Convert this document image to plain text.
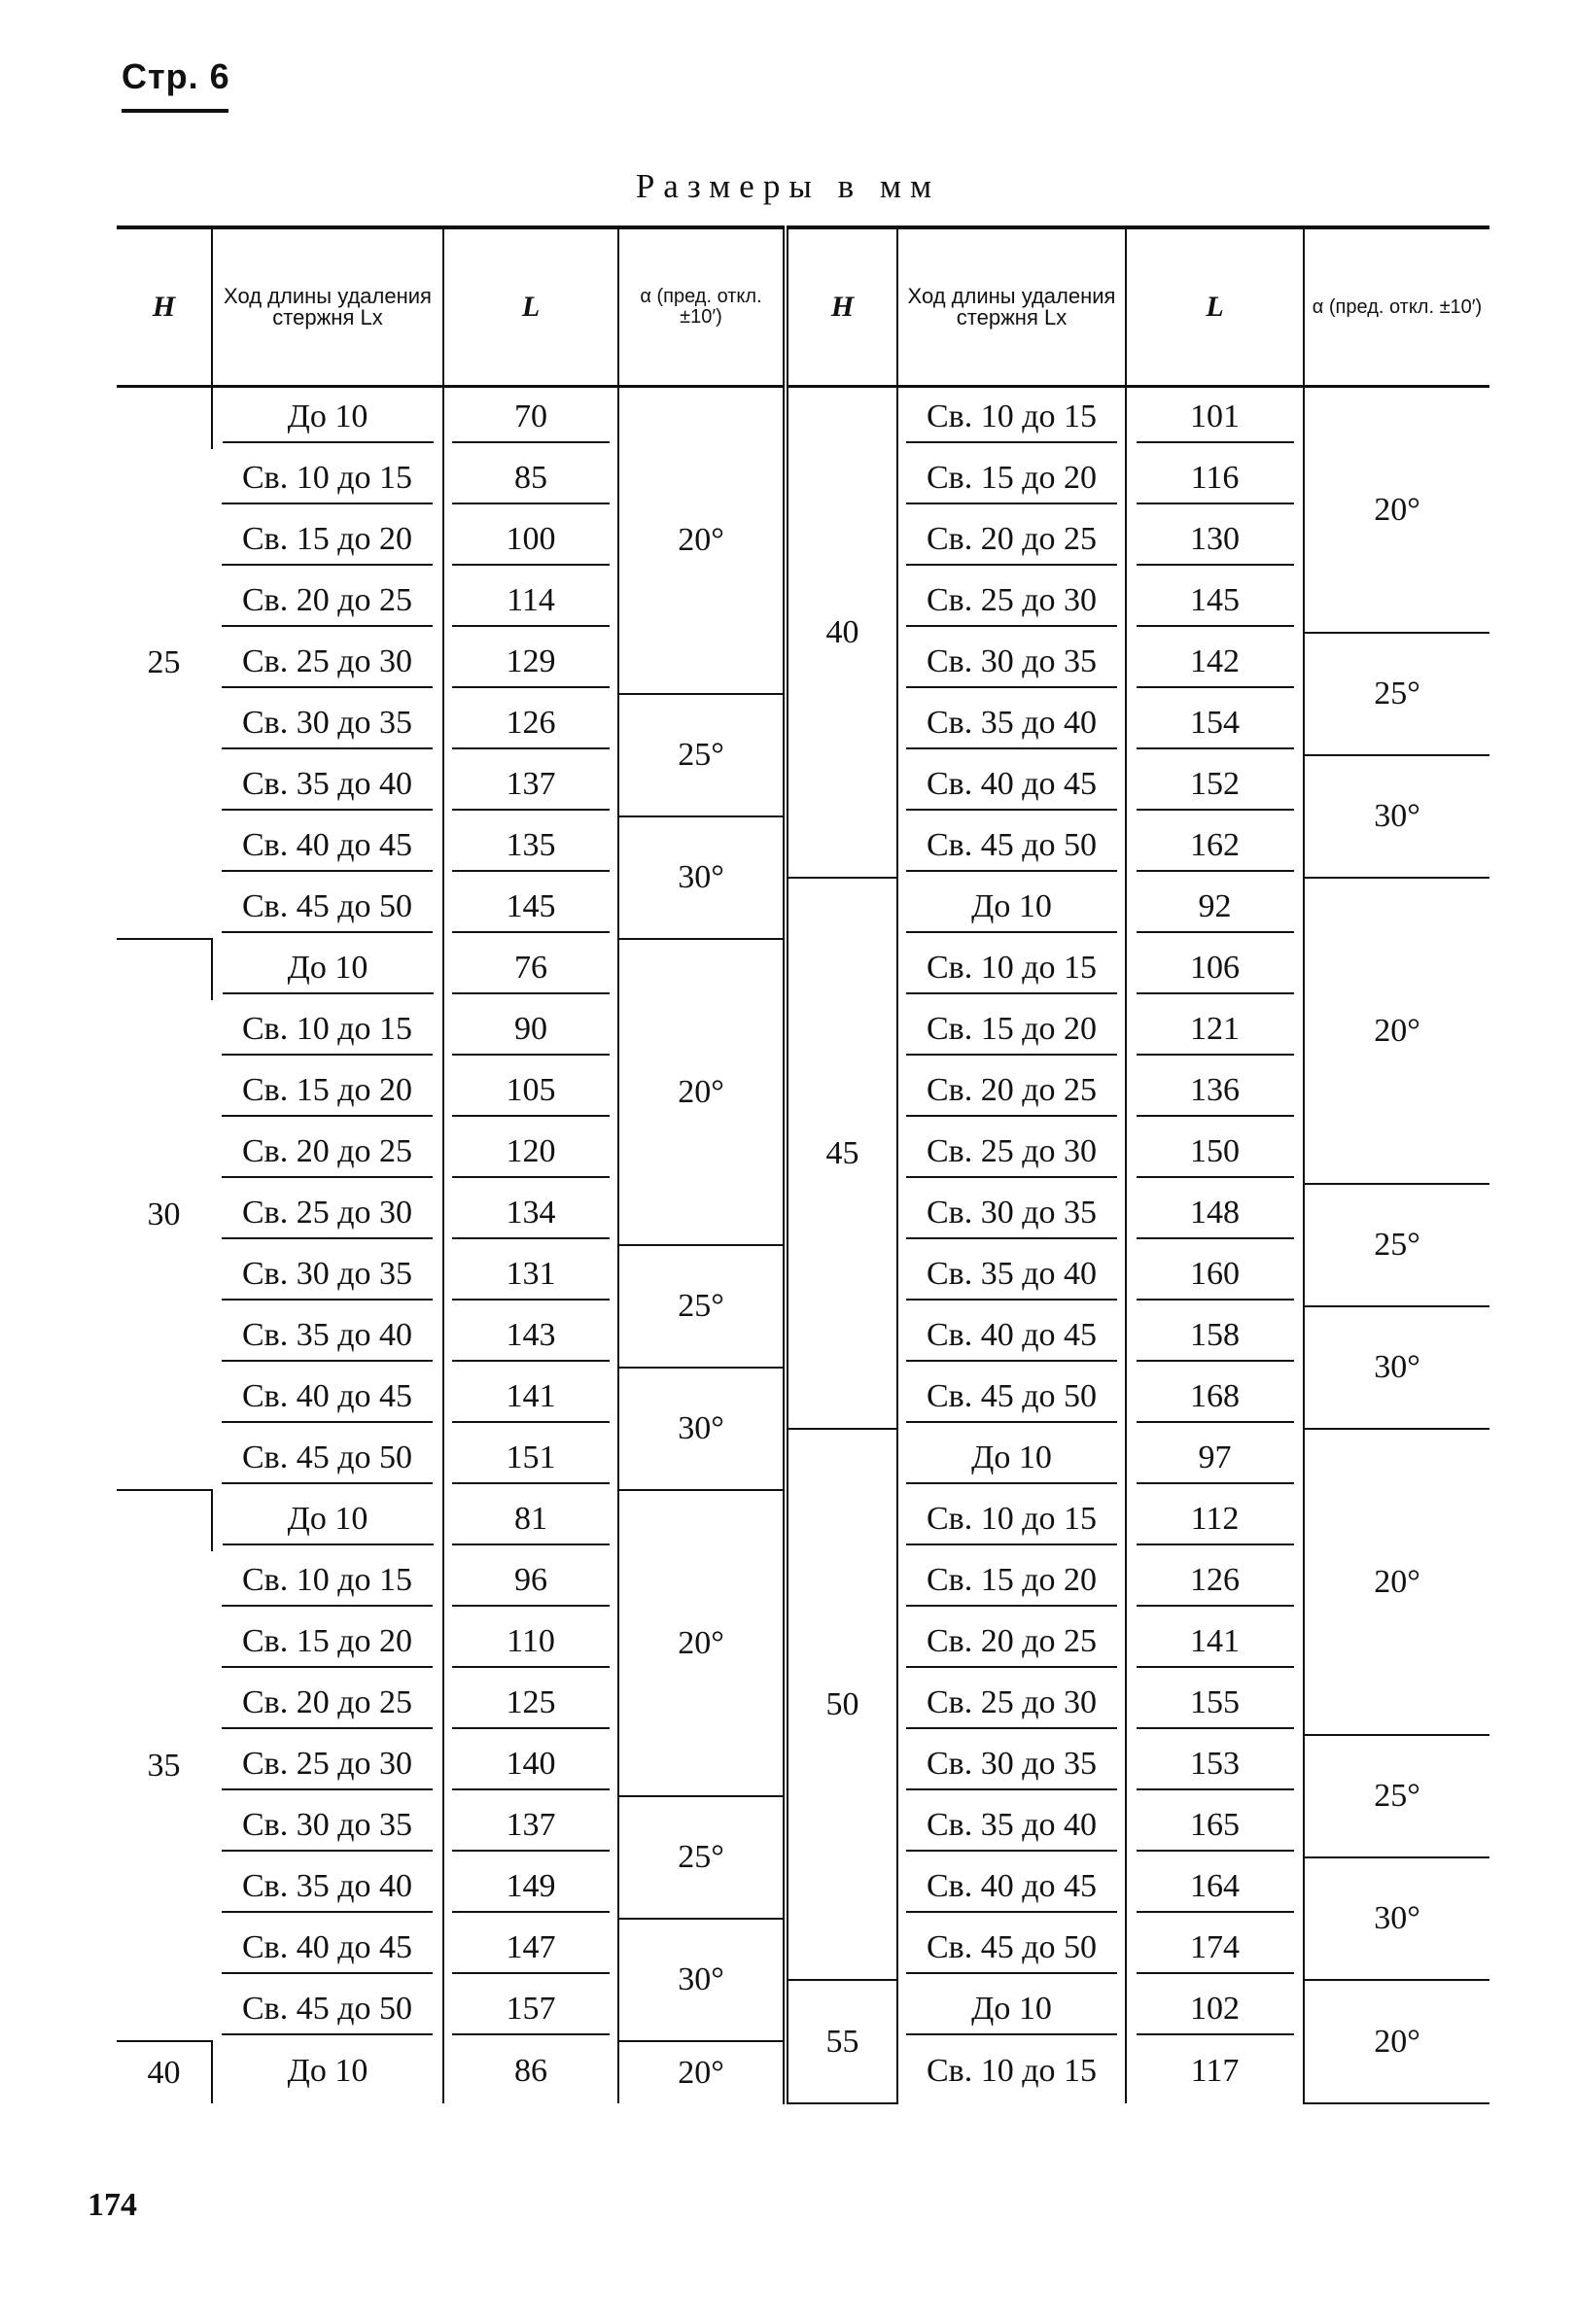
Стр. 6
Размеры в мм
H	Ход длины удаления стержня Lх	L	α (пред. откл. ±10′)	H	Ход длины удаления стержня Lх	L	α (пред. откл. ±10′)
25	До 10	70	20°	40	Св. 10 до 15	101	20°
	Св. 10 до 15	85			Св. 15 до 20	116	
	Св. 15 до 20	100			Св. 20 до 25	130	
	Св. 20 до 25	114			Св. 25 до 30	145	
	Св. 25 до 30	129			Св. 30 до 35	142	25°
	Св. 30 до 35	126	25°		Св. 35 до 40	154	
	Св. 35 до 40	137			Св. 40 до 45	152	30°
	Св. 40 до 45	135	30°		Св. 45 до 50	162	
	Св. 45 до 50	145		45	До 10	92	20°
30	До 10	76	20°		Св. 10 до 15	106	
	Св. 10 до 15	90			Св. 15 до 20	121	
	Св. 15 до 20	105			Св. 20 до 25	136	
	Св. 20 до 25	120			Св. 25 до 30	150	
	Св. 25 до 30	134			Св. 30 до 35	148	25°
	Св. 30 до 35	131	25°		Св. 35 до 40	160	
	Св. 35 до 40	143			Св. 40 до 45	158	30°
	Св. 40 до 45	141	30°		Св. 45 до 50	168	
	Св. 45 до 50	151		50	До 10	97	20°
35	До 10	81	20°		Св. 10 до 15	112	
	Св. 10 до 15	96			Св. 15 до 20	126	
	Св. 15 до 20	110			Св. 20 до 25	141	
	Св. 20 до 25	125			Св. 25 до 30	155	
	Св. 25 до 30	140			Св. 30 до 35	153	25°
	Св. 30 до 35	137	25°		Св. 35 до 40	165	
	Св. 35 до 40	149			Св. 40 до 45	164	30°
	Св. 40 до 45	147	30°		Св. 45 до 50	174	
	Св. 45 до 50	157		55	До 10	102	20°
40	До 10	86	20°		Св. 10 до 15	117	
174
